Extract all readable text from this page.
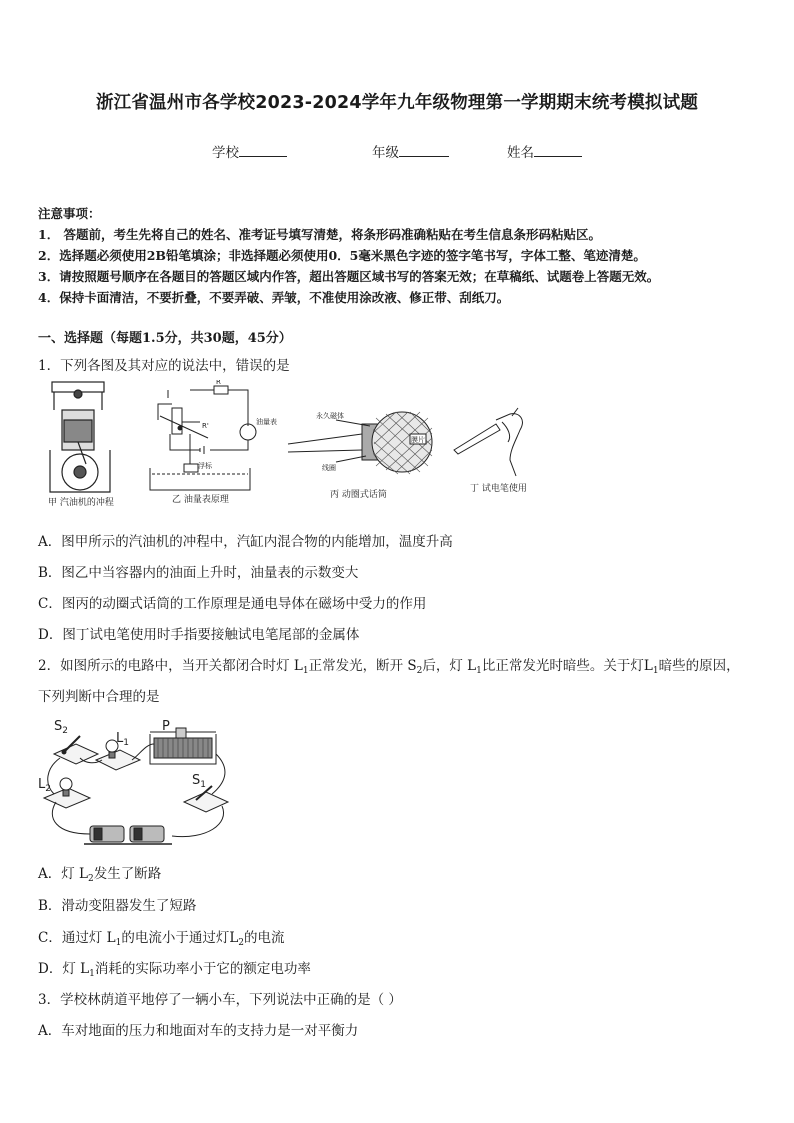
浙江省温州市各学校2023-2024学年九年级物理第一学期期末统考模拟试题
学校	年级	姓名
注意事项：
1． 答题前，考生先将自己的姓名、准考证号填写清楚，将条形码准确粘贴在考生信息条形码粘贴区。
2．选择题必须使用2B铅笔填涂；非选择题必须使用0．5毫米黑色字迹的签字笔书写，字体工整、笔迹清楚。
3．请按照题号顺序在各题目的答题区域内作答，超出答题区域书写的答案无效；在草稿纸、试题卷上答题无效。
4．保持卡面清洁，不要折叠，不要弄破、弄皱，不准使用涂改液、修正带、刮纸刀。
一、选择题（每题1.5分，共30题，45分）
1．下列各图及其对应的说法中，错误的是
甲 汽油机的冲程
R
R'	油量表
浮标
乙 油量表原理
永久磁体
膜片
线圈
丙 动圈式话筒
丁 试电笔使用
A．图甲所示的汽油机的冲程中，汽缸内混合物的内能增加，温度升高
B．图乙中当容器内的油面上升时，油量表的示数变大
C．图丙的动圈式话筒的工作原理是通电导体在磁场中受力的作用
D．图丁试电笔使用时手指要接触试电笔尾部的金属体
2．如图所示的电路中，当开关都闭合时灯 $L_1$正常发光，断开 $S_2$后，灯 $L_1$比正常发光时暗些。关于灯$L_1$暗些的原因，
下列判断中合理的是
$S_2$	$L_1$
P
$S_1$
$L_2$
A．灯 $L_2$发生了断路
B．滑动变阻器发生了短路
C．通过灯 $L_1$的电流小于通过灯$L_2$的电流
D．灯 $L_1$消耗的实际功率小于它的额定电功率
3．学校林荫道平地停了一辆小车，下列说法中正确的是（ ）
A．车对地面的压力和地面对车的支持力是一对平衡力
